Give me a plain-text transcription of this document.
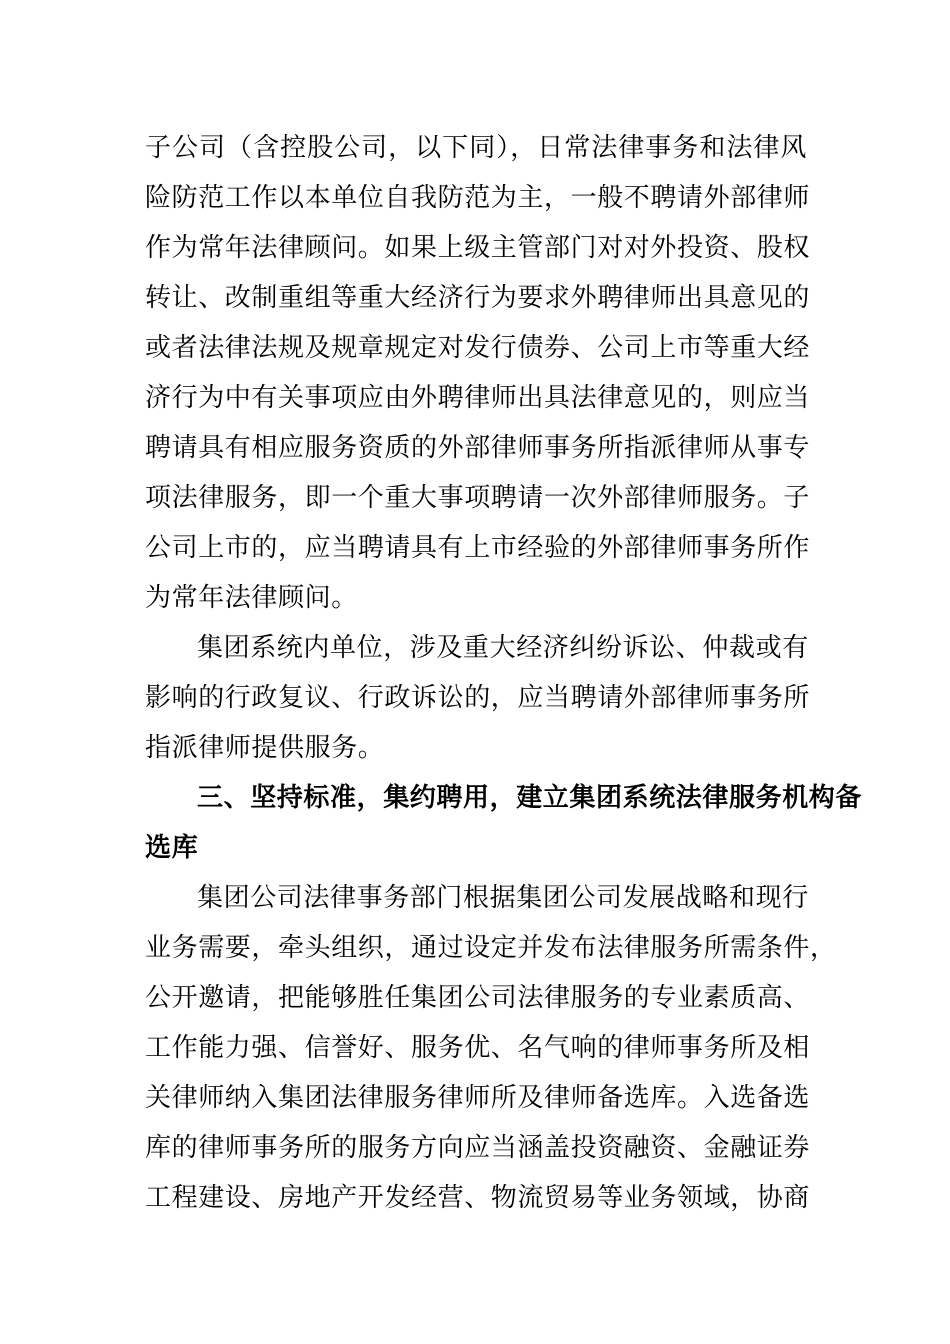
子公司（含控股公司，以下同），日常法律事务和法律风
险防范工作以本单位自我防范为主，一般不聘请外部律师
作为常年法律顾问。如果上级主管部门对对外投资、股权
转让、改制重组等重大经济行为要求外聘律师出具意见的
或者法律法规及规章规定对发行债券、公司上市等重大经
济行为中有关事项应由外聘律师出具法律意见的，则应当
聘请具有相应服务资质的外部律师事务所指派律师从事专
项法律服务，即一个重大事项聘请一次外部律师服务。子
公司上市的，应当聘请具有上市经验的外部律师事务所作
为常年法律顾问。
集团系统内单位，涉及重大经济纠纷诉讼、仲裁或有
影响的行政复议、行政诉讼的，应当聘请外部律师事务所
指派律师提供服务。
三、坚持标准，集约聘用，建立集团系统法律服务机构备
选库
集团公司法律事务部门根据集团公司发展战略和现行
业务需要，牵头组织，通过设定并发布法律服务所需条件，
公开邀请，把能够胜任集团公司法律服务的专业素质高、
工作能力强、信誉好、服务优、名气响的律师事务所及相
关律师纳入集团法律服务律师所及律师备选库。入选备选
库的律师事务所的服务方向应当涵盖投资融资、金融证券
工程建设、房地产开发经营、物流贸易等业务领域，协商
